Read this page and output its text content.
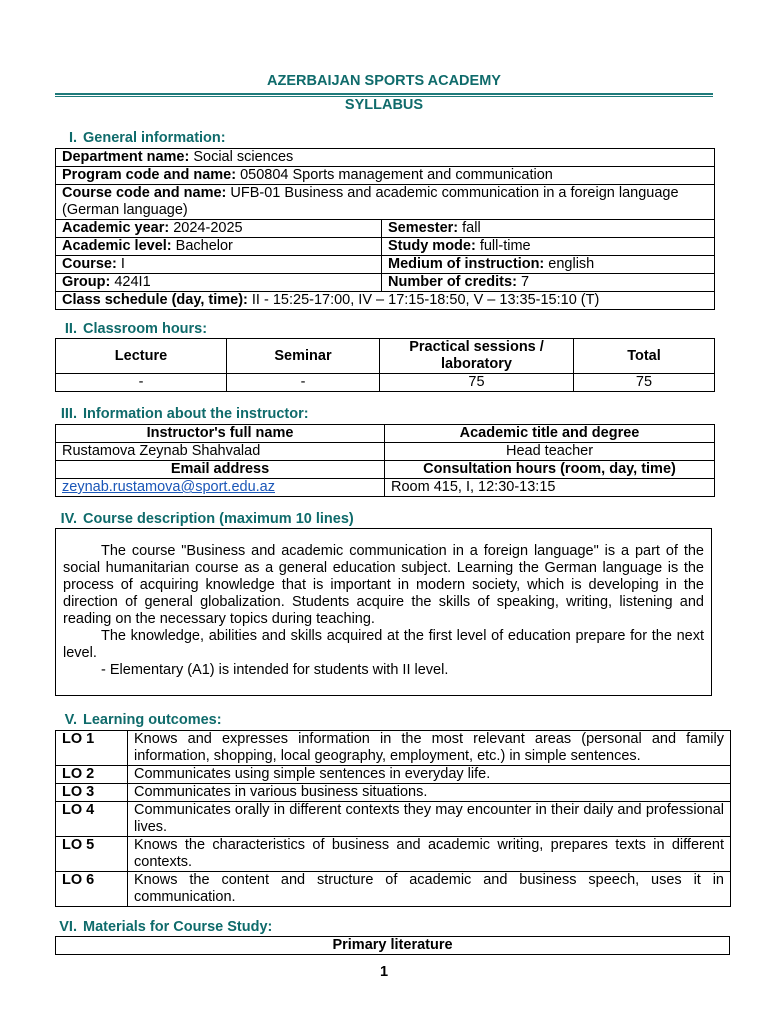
AZERBAIJAN SPORTS ACADEMY
SYLLABUS
I. General information:
Department name: Social sciences	
Program code and name: 050804 Sports management and communication	
Course code and name: UFB-01 Business and academic communication in a foreign language (German language)	
Academic year: 2024-2025	Semester: fall
Academic level: Bachelor	Study mode: full-time
Course: I	Medium of instruction: english
Group: 424I1	Number of credits: 7
Class schedule (day, time): II - 15:25-17:00, IV – 17:15-18:50, V – 13:35-15:10 (T)	
II. Classroom hours:
Lecture	Seminar	Practical sessions / laboratory	Total
-	-	75	75
III. Information about the instructor:
Instructor's full name	Academic title and degree
Rustamova Zeynab Shahvalad	Head teacher
Email address	Consultation hours (room, day, time)
zeynab.rustamova@sport.edu.az	Room 415, I, 12:30-13:15
IV. Course description (maximum 10 lines)

The course "Business and academic communication in a foreign language" is a part of the social humanitarian course as a general education subject. Learning the German language is the process of acquiring knowledge that is important in modern society, which is developing in the direction of general globalization. Students acquire the skills of speaking, writing, listening and reading on the necessary topics during teaching.

The knowledge, abilities and skills acquired at the first level of education prepare for the next level.

- Elementary (A1) is intended for students with II level.

V. Learning outcomes:
LO 1	Knows and expresses information in the most relevant areas (personal and family information, shopping, local geography, employment, etc.) in simple sentences.
LO 2	Communicates using simple sentences in everyday life.
LO 3	Communicates in various business situations.
LO 4	Communicates orally in different contexts they may encounter in their daily and professional lives.
LO 5	Knows the characteristics of business and academic writing, prepares texts in different contexts.
LO 6	Knows the content and structure of academic and business speech, uses it in communication.
VI. Materials for Course Study:
Primary literature
1
